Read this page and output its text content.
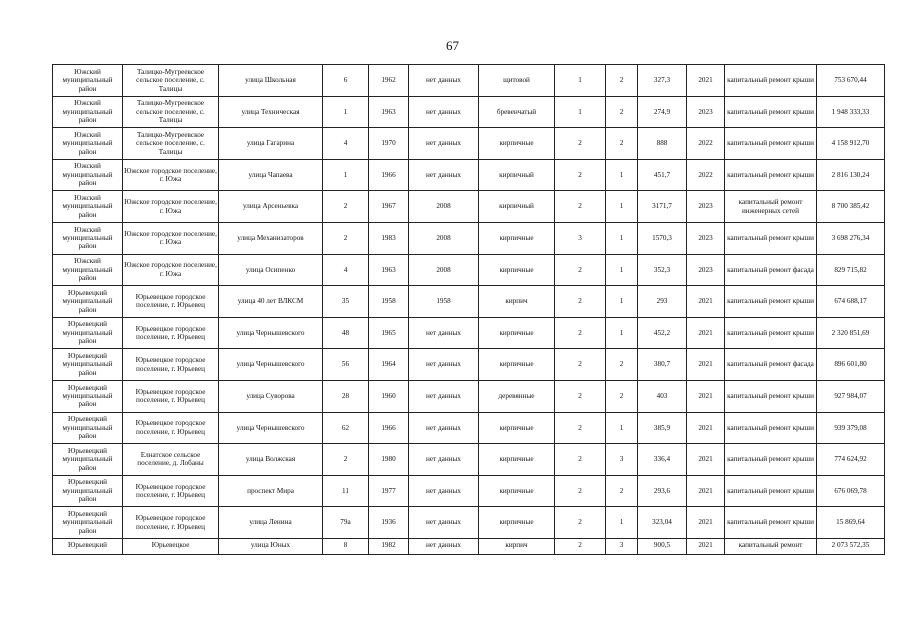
67
Южский муниципальный район	Талицко-Мугреевское сельское поселение, с. Талицы	улица Школьная	6	1962	нет данных	щитовой	1	2	327,3	2021	капитальный ремонт крыши	753 670,44
Южский муниципальный район	Талицко-Мугреевское сельское поселение, с. Талицы	улица Техническая	1	1963	нет данных	бревенчатый	1	2	274,9	2023	капитальный ремонт крыши	1 948 333,33
Южский муниципальный район	Талицко-Мугреевское сельское поселение, с. Талицы	улица Гагарина	4	1970	нет данных	кирпичные	2	2	888	2022	капитальный ремонт крыши	4 158 912,70
Южский муниципальный район	Южское городское поселение, г. Южа	улица Чапаева	1	1966	нет данных	кирпичный	2	1	451,7	2022	капитальный ремонт крыши	2 816 130,24
Южский муниципальный район	Южское городское поселение, г. Южа	улица Арсеньевка	2	1967	2008	кирпичный	2	1	3171,7	2023	капитальный ремонт инженерных сетей	8 700 385,42
Южский муниципальный район	Южское городское поселение, г. Южа	улица Механизаторов	2	1983	2008	кирпичные	3	1	1570,3	2023	капитальный ремонт крыши	3 698 276,34
Южский муниципальный район	Южское городское поселение, г. Южа	улица Осипенко	4	1963	2008	кирпичные	2	1	352,3	2023	капитальный ремонт фасада	829 715,82
Юрьевецкий муниципальный район	Юрьевецкое городское поселение, г. Юрьевец	улица 40 лет ВЛКСМ	35	1958	1958	кирпич	2	1	293	2021	капитальный ремонт крыши	674 688,17
Юрьевецкий муниципальный район	Юрьевецкое городское поселение, г. Юрьевец	улица Чернышевского	48	1965	нет данных	кирпичные	2	1	452,2	2021	капитальный ремонт крыши	2 320 851,69
Юрьевецкий муниципальный район	Юрьевецкое городское поселение, г. Юрьевец	улица Чернышевского	56	1964	нет данных	кирпичные	2	2	380,7	2021	капитальный ремонт фасада	896 601,80
Юрьевецкий муниципальный район	Юрьевецкое городское поселение, г. Юрьевец	улица Суворова	28	1960	нет данных	деревянные	2	2	403	2021	капитальный ремонт крыши	927 984,07
Юрьевецкий муниципальный район	Юрьевецкое городское поселение, г. Юрьевец	улица Чернышевского	62	1966	нет данных	кирпичные	2	1	385,9	2021	капитальный ремонт крыши	939 379,08
Юрьевецкий муниципальный район	Елнатское сельское поселение, д. Лобаны	улица Волжская	2	1980	нет данных	кирпичные	2	3	336,4	2021	капитальный ремонт крыши	774 624,92
Юрьевецкий муниципальный район	Юрьевецкое городское поселение, г. Юрьевец	проспект Мира	11	1977	нет данных	кирпичные	2	2	293,6	2021	капитальный ремонт крыши	676 069,78
Юрьевецкий муниципальный район	Юрьевецкое городское поселение, г. Юрьевец	улица Ленина	79а	1936	нет данных	кирпичные	2	1	323,04	2021	капитальный ремонт крыши	15 869,64
Юрьевецкий	Юрьевецкое	улица Юных	8	1982	нет данных	кирпич	2	3	900,5	2021	капитальный ремонт	2 073 572,35
